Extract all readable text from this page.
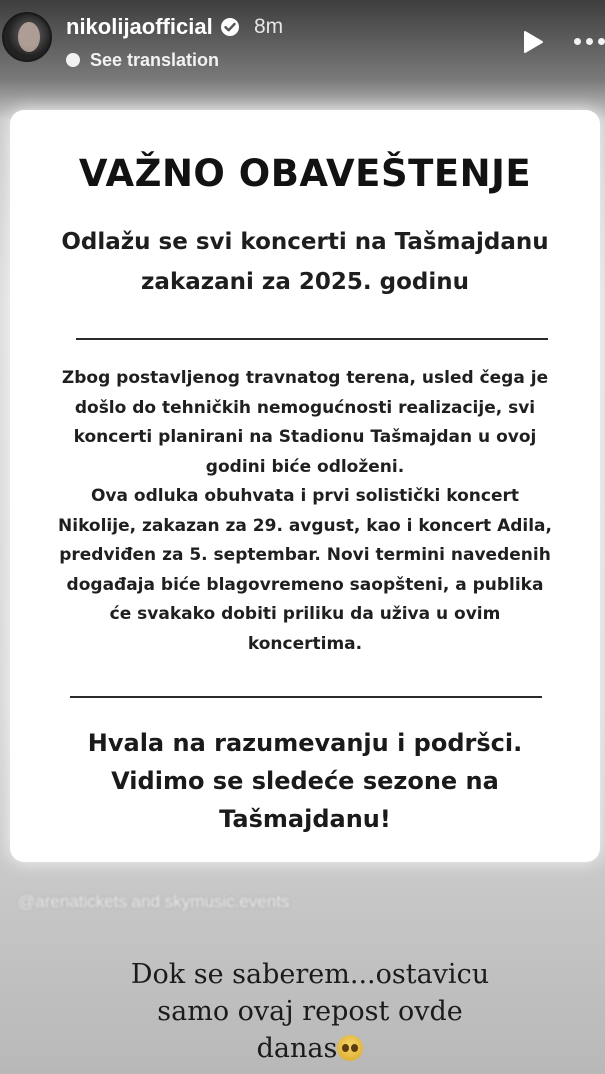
nikolijaofficial 8m
See translation
VAŽNO OBAVEŠTENJE
Odlažu se svi koncerti na Tašmajdanu
zakazani za 2025. godinu

Zbog postavljenog travnatog terena, usled čega je
došlo do tehničkih nemogućnosti realizacije, svi
koncerti planirani na Stadionu Tašmajdan u ovoj
godini biće odloženi.

Ova odluka obuhvata i prvi solistički koncert
Nikolije, zakazan za 29. avgust, kao i koncert Adila,
predviđen za 5. septembar. Novi termini navedenih
događaja biće blagovremeno saopšteni, a publika
će svakako dobiti priliku da uživa u ovim
koncertima.

Hvala na razumevanju i podršci.
Vidimo se sledeće sezone na
Tašmajdanu!
@arenatickets and skymusic.events
Dok se saberem...ostavicu
samo ovaj repost ovde
danas
